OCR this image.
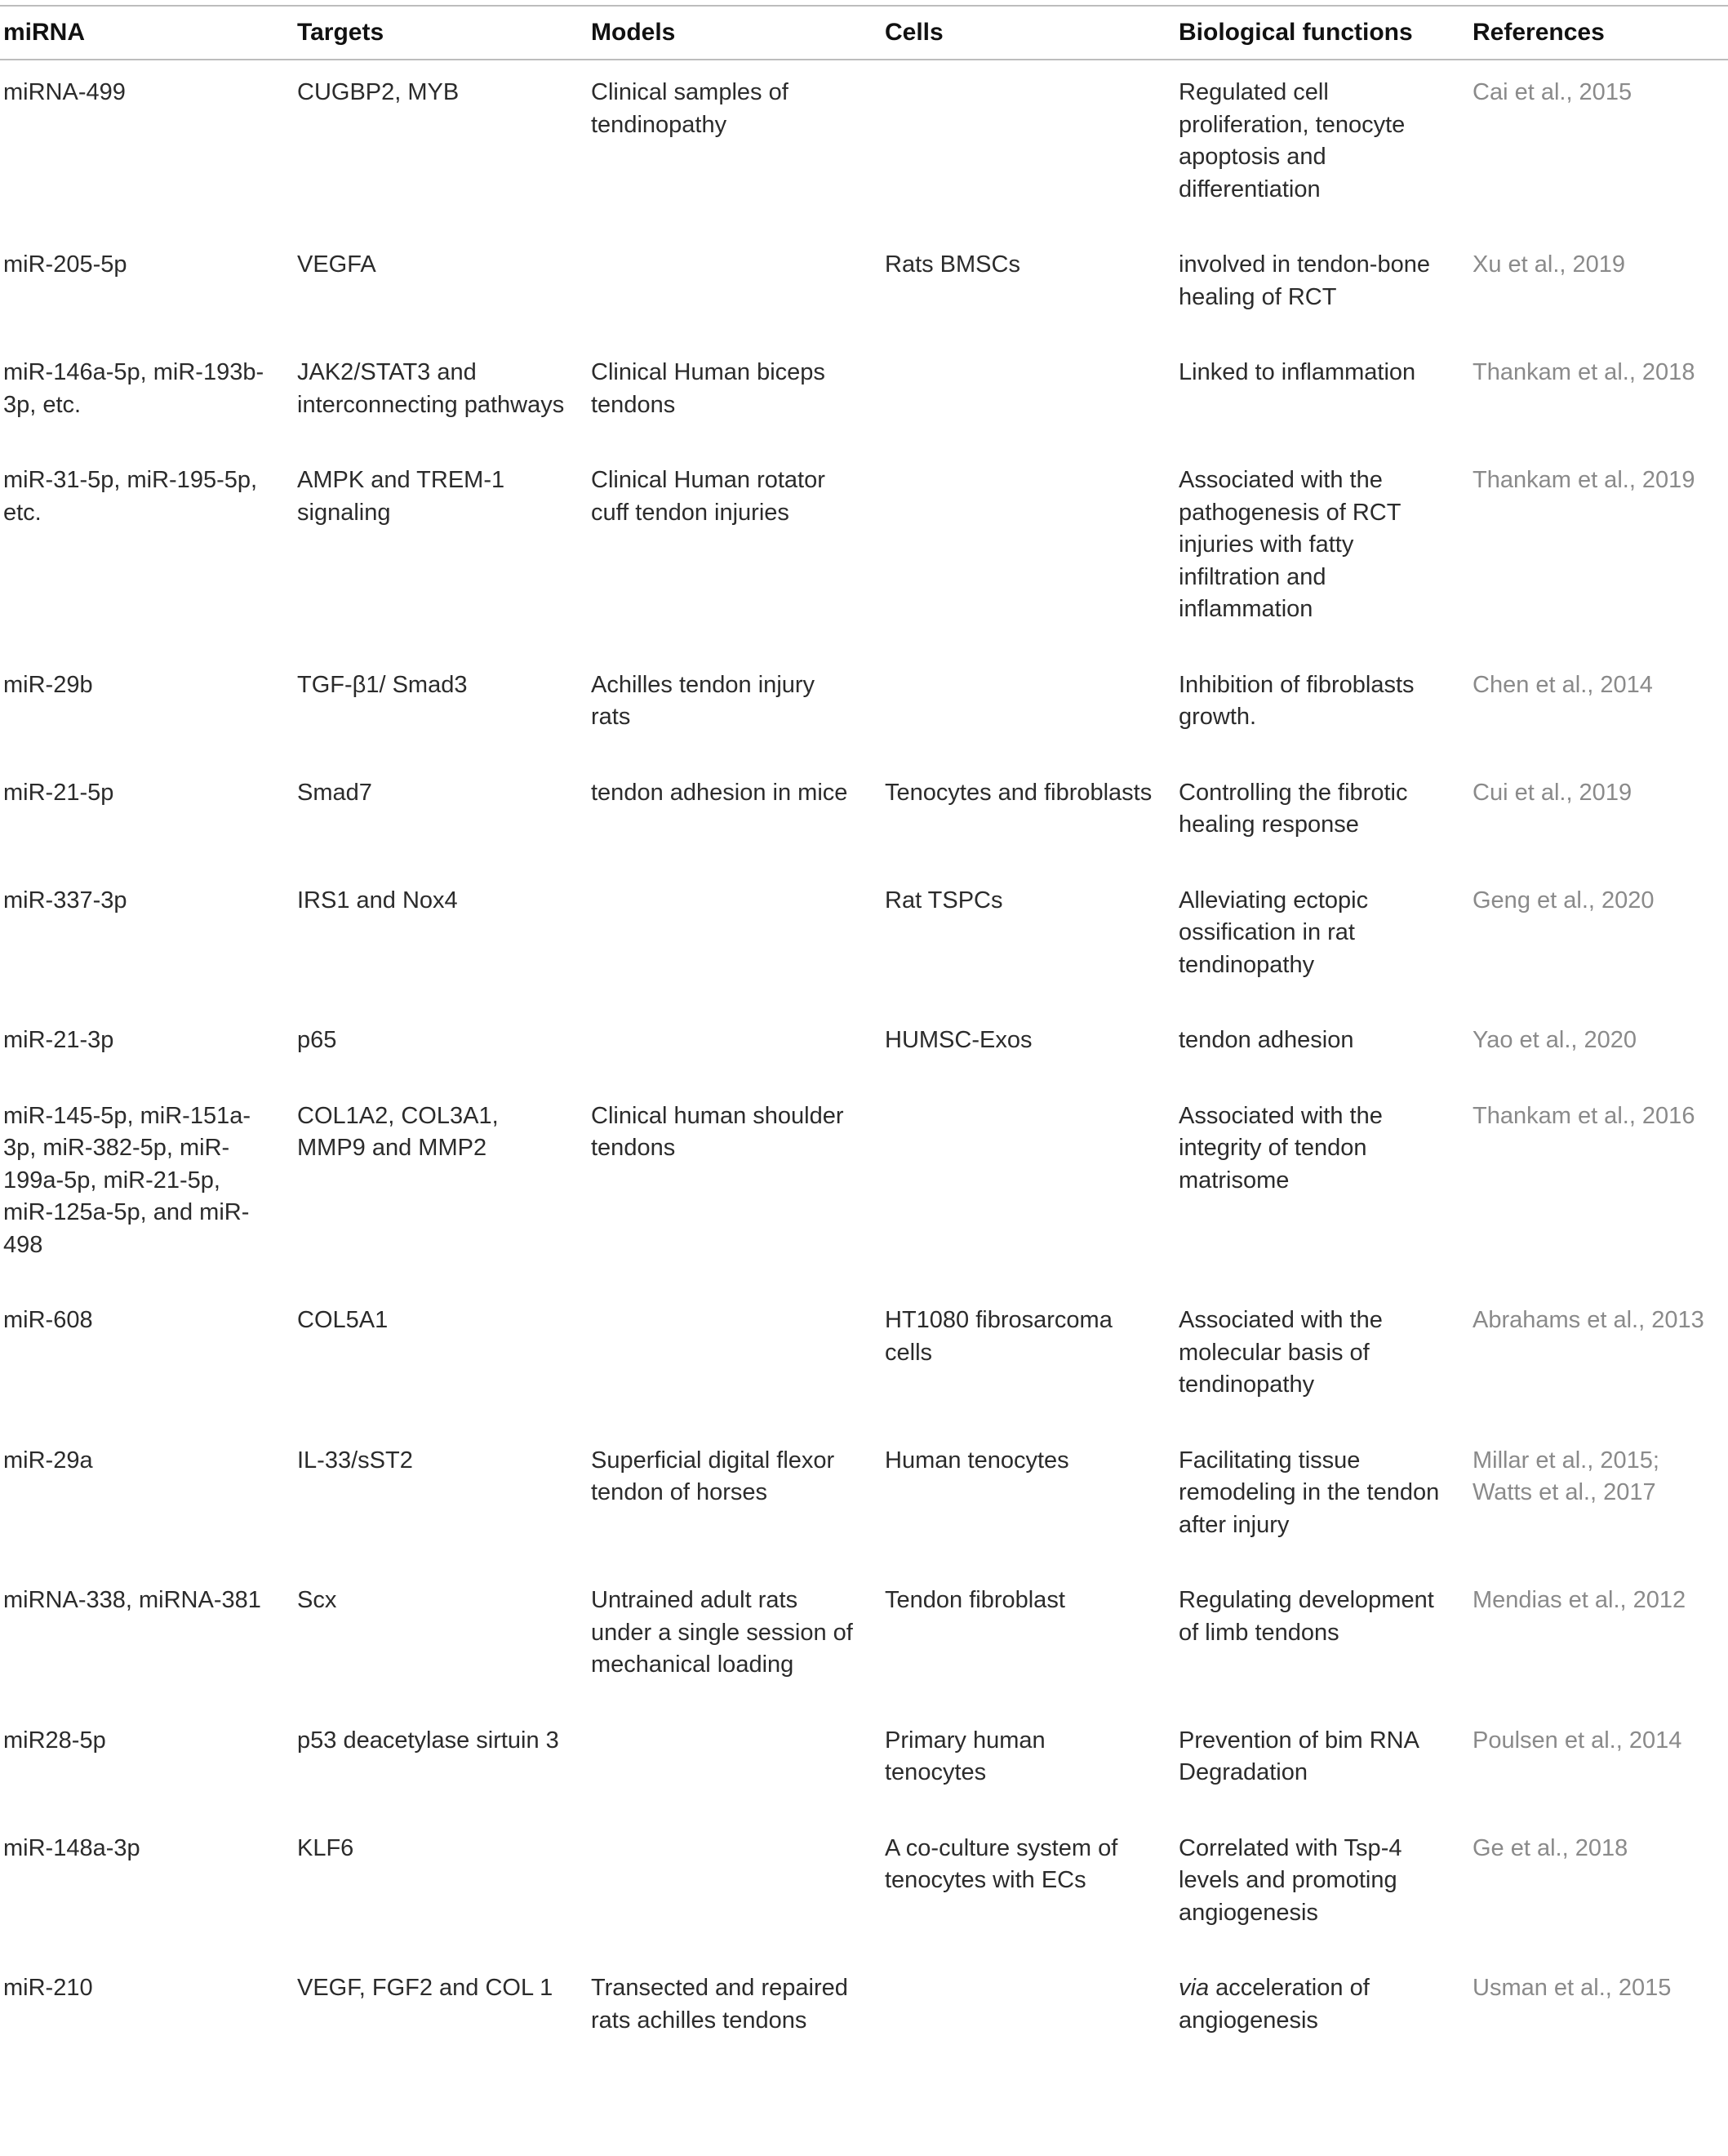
miRNA	Targets	Models	Cells	Biological functions	References
miRNA-499	CUGBP2, MYB	Clinical samples of tendinopathy		Regulated cell proliferation, tenocyte apoptosis and differentiation	Cai et al., 2015
miR-205-5p	VEGFA		Rats BMSCs	involved in tendon-bone healing of RCT	Xu et al., 2019
miR-146a-5p, miR-193b-3p, etc.	JAK2/STAT3 and interconnecting pathways	Clinical Human biceps tendons		Linked to inflammation	Thankam et al., 2018
miR-31-5p, miR-195-5p, etc.	AMPK and TREM-1 signaling	Clinical Human rotator cuff tendon injuries		Associated with the pathogenesis of RCT injuries with fatty infiltration and inflammation	Thankam et al., 2019
miR-29b	TGF-β1/ Smad3	Achilles tendon injury rats		Inhibition of fibroblasts growth.	Chen et al., 2014
miR-21-5p	Smad7	tendon adhesion in mice	Tenocytes and fibroblasts	Controlling the fibrotic healing response	Cui et al., 2019
miR-337-3p	IRS1 and Nox4		Rat TSPCs	Alleviating ectopic ossification in rat tendinopathy	Geng et al., 2020
miR-21-3p	p65		HUMSC-Exos	tendon adhesion	Yao et al., 2020
miR-145-5p, miR-151a-3p, miR-382-5p, miR-199a-5p, miR-21-5p, miR-125a-5p, and miR-498	COL1A2, COL3A1, MMP9 and MMP2	Clinical human shoulder tendons		Associated with the integrity of tendon matrisome	Thankam et al., 2016
miR-608	COL5A1		HT1080 fibrosarcoma cells	Associated with the molecular basis of tendinopathy	Abrahams et al., 2013
miR-29a	IL-33/sST2	Superficial digital flexor tendon of horses	Human tenocytes	Facilitating tissue remodeling in the tendon after injury	Millar et al., 2015; Watts et al., 2017
miRNA-338, miRNA-381	Scx	Untrained adult rats under a single session of mechanical loading	Tendon fibroblast	Regulating development of limb tendons	Mendias et al., 2012
miR28-5p	p53 deacetylase sirtuin 3		Primary human tenocytes	Prevention of bim RNA Degradation	Poulsen et al., 2014
miR-148a-3p	KLF6		A co-culture system of tenocytes with ECs	Correlated with Tsp-4 levels and promoting angiogenesis	Ge et al., 2018
miR-210	VEGF, FGF2 and COL 1	Transected and repaired rats achilles tendons		via acceleration of angiogenesis	Usman et al., 2015
